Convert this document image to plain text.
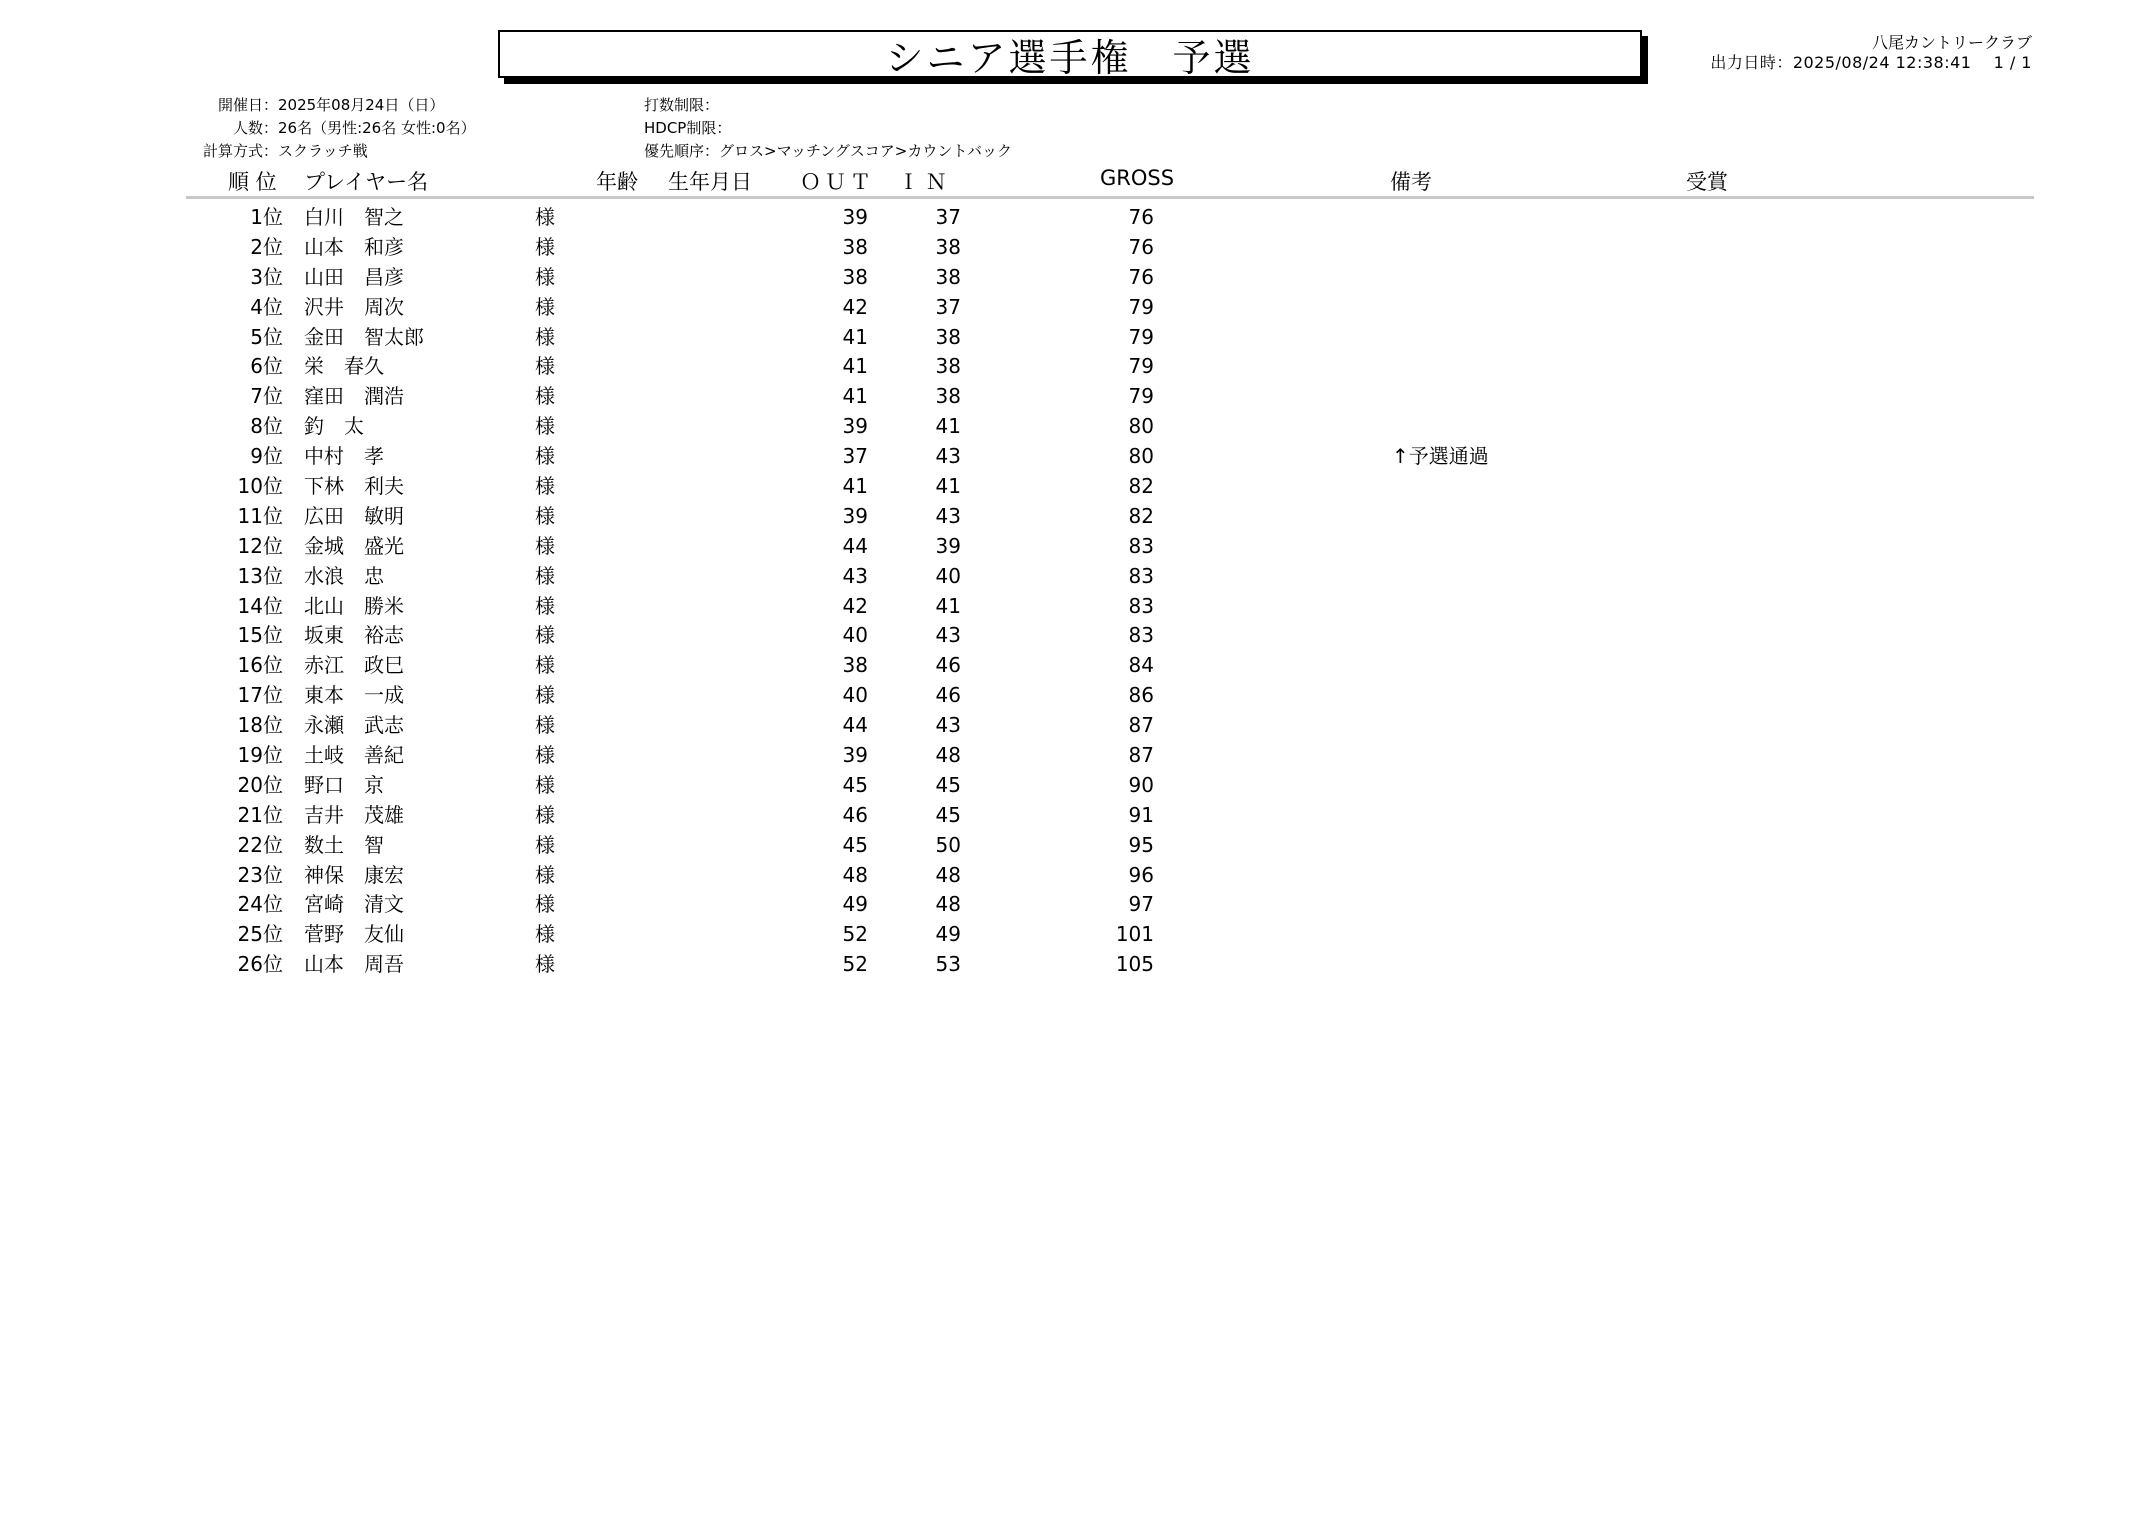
シニア選手権　予選	八尾カントリークラブ
出力日時：2025/08/24 12:38:41　 1 / 1
開催日： 2025年08月24日（日）
人数： 26名（男性:26名 女性:0名）
計算方式： スクラッチ戦
打数制限：
HDCP制限：
優先順序：グロス>マッチングスコア>カウントバック
順 位 プレイヤー名	年齢 生年月日 ＯＵＴ Ｉ Ｎ	GROSS	備考	受賞
1位 白川　智之	様	39	37	76
2位 山本　和彦	様	38	38	76
3位 山田　昌彦	様	38	38	76
4位 沢井　周次	様	42	37	79
5位 金田　智太郎	様	41	38	79
6位 栄　春久	様	41	38	79
7位 窪田　潤浩	様	41	38	79
8位 釣　太	様	39	41	80
9位 中村　孝	様	37	43	80	↑予選通過
10位 下林　利夫	様	41	41	82
11位 広田　敏明	様	39	43	82
12位 金城　盛光	様	44	39	83
13位 水浪　忠	様	43	40	83
14位 北山　勝米	様	42	41	83
15位 坂東　裕志	様	40	43	83
16位 赤江　政巳	様	38	46	84
17位 東本　一成	様	40	46	86
18位 永瀬　武志	様	44	43	87
19位 土岐　善紀	様	39	48	87
20位 野口　京	様	45	45	90
21位 吉井　茂雄	様	46	45	91
22位 数土　智	様	45	50	95
23位 神保　康宏	様	48	48	96
24位 宮崎　清文	様	49	48	97
25位 菅野　友仙	様	52	49	101
26位 山本　周吾	様	52	53	105
